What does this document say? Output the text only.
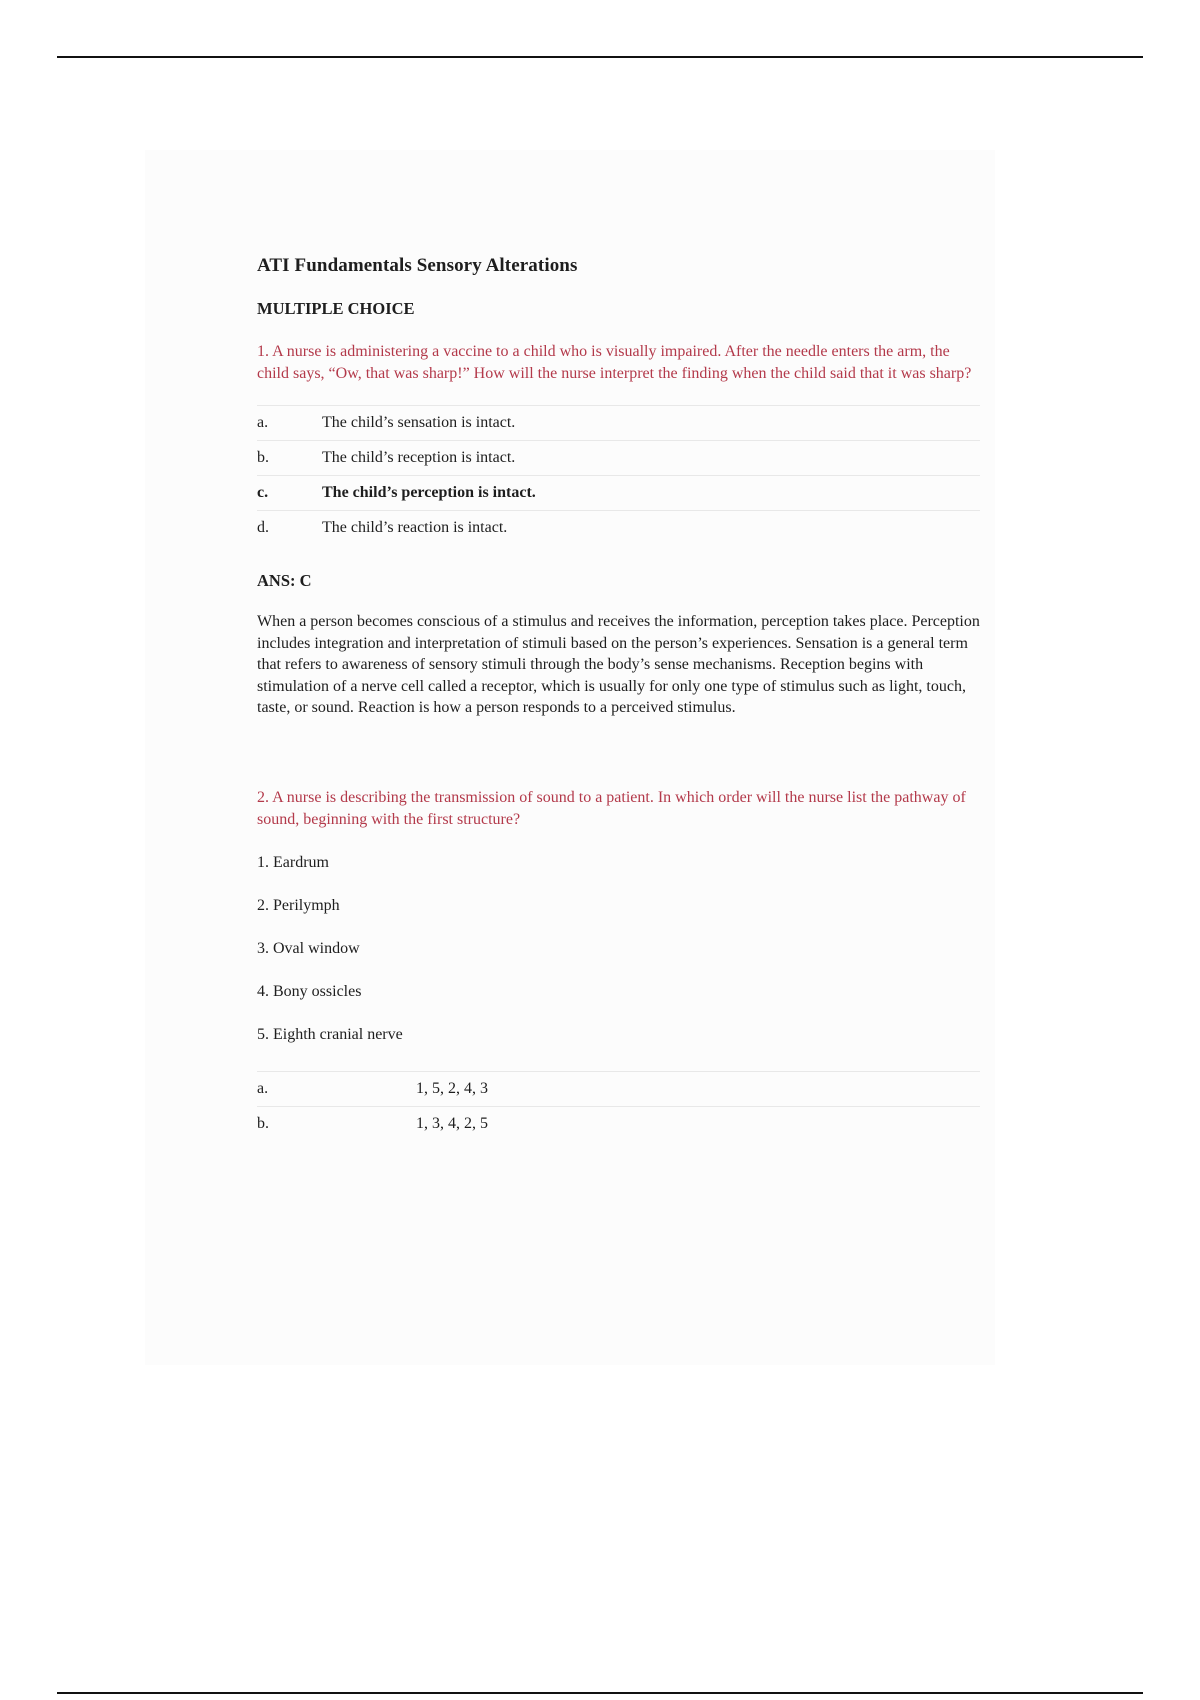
ATI Fundamentals Sensory Alterations
MULTIPLE CHOICE

1. A nurse is administering a vaccine to a child who is visually impaired. After the needle enters the arm, the child says, “Ow, that was sharp!” How will the nurse interpret the finding when the child said that it was sharp?

a.	The child’s sensation is intact.
b.	The child’s reception is intact.
c.	The child’s perception is intact.
d.	The child’s reaction is intact.

ANS: C

When a person becomes conscious of a stimulus and receives the information, perception takes place. Perception includes integration and interpretation of stimuli based on the person’s experiences. Sensation is a general term that refers to awareness of sensory stimuli through the body’s sense mechanisms. Reception begins with stimulation of a nerve cell called a receptor, which is usually for only one type of stimulus such as light, touch, taste, or sound. Reaction is how a person responds to a perceived stimulus.

2. A nurse is describing the transmission of sound to a patient. In which order will the nurse list the pathway of sound, beginning with the first structure?

1. Eardrum
2. Perilymph
3. Oval window
4. Bony ossicles
5. Eighth cranial nerve
a.	1, 5, 2, 4, 3
b.	1, 3, 4, 2, 5
